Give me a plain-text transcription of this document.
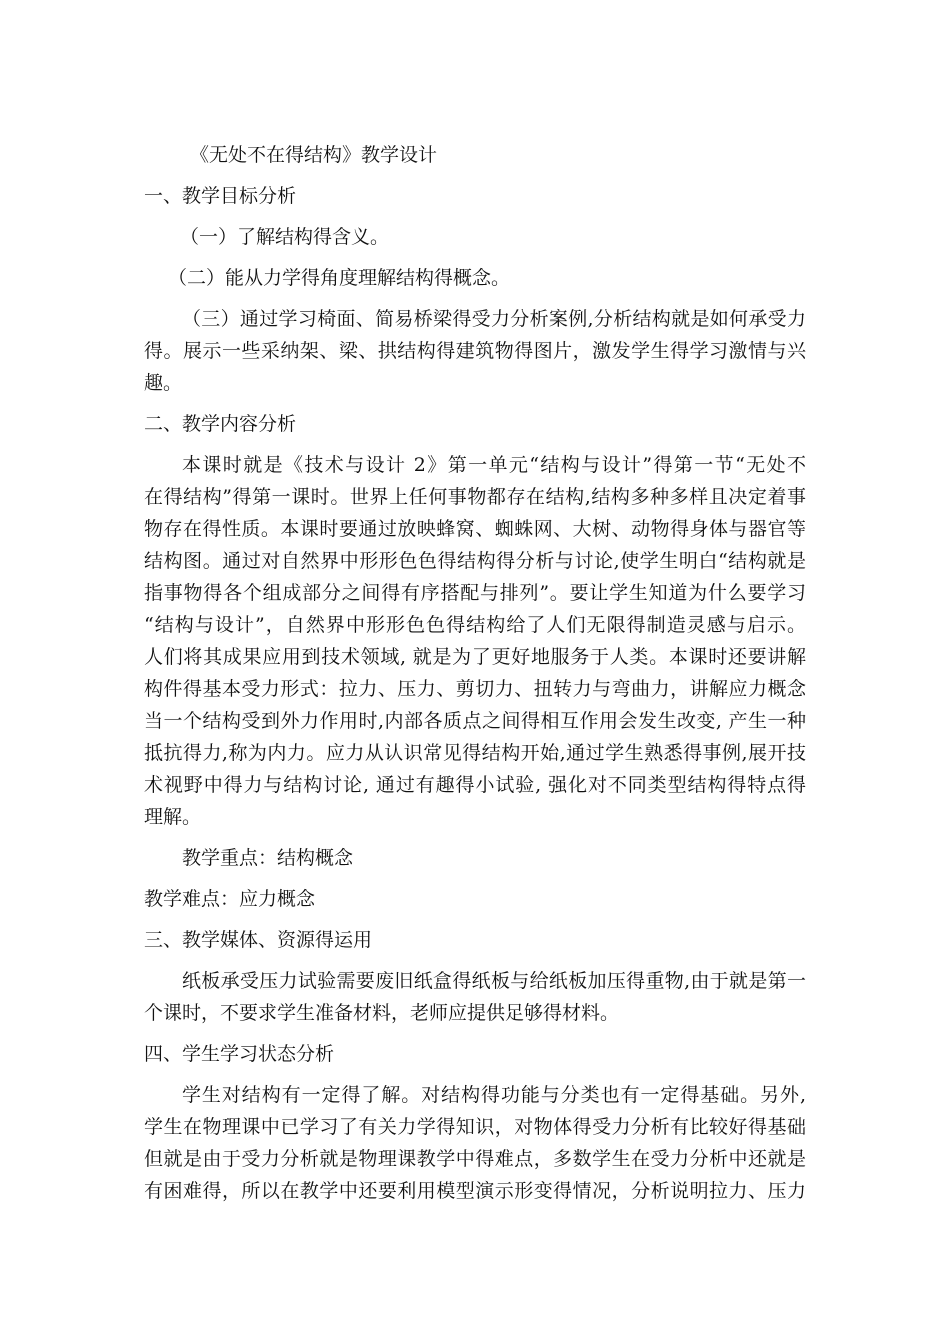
《无处不在得结构》教学设计
一、教学目标分析
（一）了解结构得含义。
（二）能从力学得角度理解结构得概念。
（三）通过学习椅面、简易桥梁得受力分析案例,分析结构就是如何承受力
得。展示一些采纳架、梁、拱结构得建筑物得图片，激发学生得学习激情与兴
趣。
二、教学内容分析
本课时就是《技术与设计 2》第一单元“结构与设计”得第一节“无处不
在得结构”得第一课时。世界上任何事物都存在结构,结构多种多样且决定着事
物存在得性质。本课时要通过放映蜂窝、蜘蛛网、大树、动物得身体与器官等
结构图。通过对自然界中形形色色得结构得分析与讨论,使学生明白“结构就是
指事物得各个组成部分之间得有序搭配与排列”。要让学生知道为什么要学习
“结构与设计”，自然界中形形色色得结构给了人们无限得制造灵感与启示。
人们将其成果应用到技术领域, 就是为了更好地服务于人类。本课时还要讲解
构件得基本受力形式：拉力、压力、剪切力、扭转力与弯曲力，讲解应力概念
当一个结构受到外力作用时,内部各质点之间得相互作用会发生改变, 产生一种
抵抗得力,称为内力。应力从认识常见得结构开始,通过学生熟悉得事例,展开技
术视野中得力与结构讨论, 通过有趣得小试验, 强化对不同类型结构得特点得
理解。
教学重点：结构概念
教学难点：应力概念
三、教学媒体、资源得运用
纸板承受压力试验需要废旧纸盒得纸板与给纸板加压得重物,由于就是第一
个课时，不要求学生准备材料，老师应提供足够得材料。
四、学生学习状态分析
学生对结构有一定得了解。对结构得功能与分类也有一定得基础。另外,
学生在物理课中已学习了有关力学得知识，对物体得受力分析有比较好得基础
但就是由于受力分析就是物理课教学中得难点，多数学生在受力分析中还就是
有困难得，所以在教学中还要利用模型演示形变得情况，分析说明拉力、压力
